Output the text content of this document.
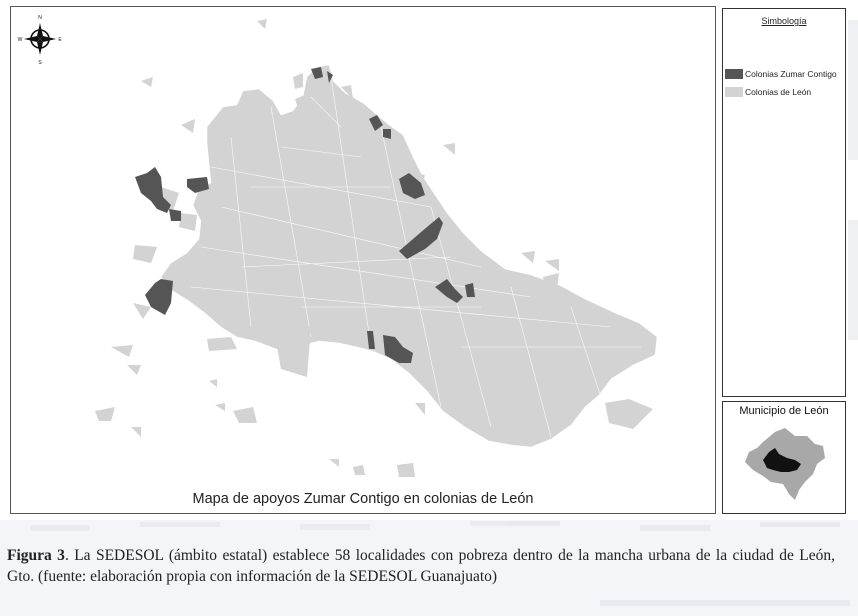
N
S
E
W
Mapa de apoyos Zumar Contigo en colonias de León
Simbología
Colonias Zumar Contigo
Colonias de León
Municipio de León
Figura 3. La SEDESOL (ámbito estatal) establece 58 localidades con pobreza dentro de la mancha urbana de la ciudad de León, Gto. (fuente: elaboración propia con información de la SEDESOL Guanajuato)
